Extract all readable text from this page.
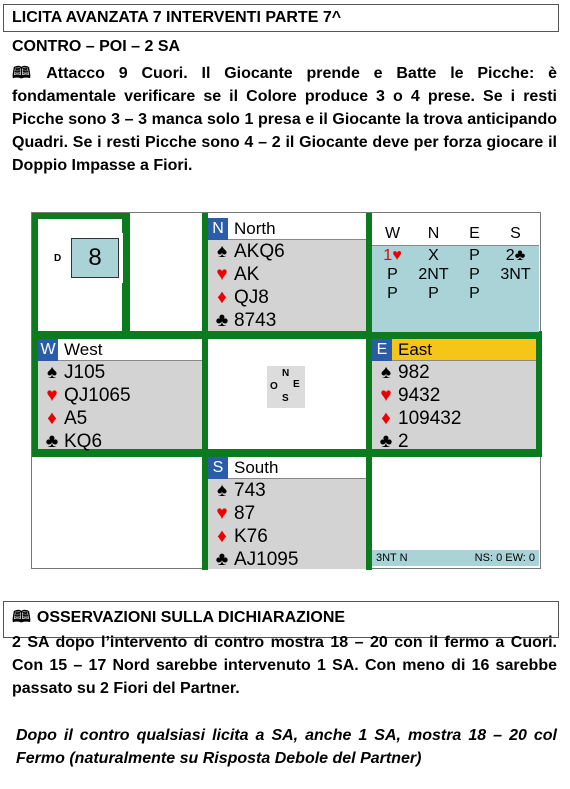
LICITA AVANZATA 7 INTERVENTI PARTE 7^
CONTRO – POI – 2 SA
🕮 Attacco 9 Cuori. Il Giocante prende e Batte le Picche: è fondamentale verificare se il Colore produce 3 o 4 prese. Se i resti Picche sono 3 – 3 manca solo 1 presa e il Giocante la trova anticipando Quadri. Se i resti Picche sono 4 – 2 il Giocante deve per forza giocare il Doppio Impasse a Fiori.
D	8
N North
♠ AKQ6
♥ AK
♦ QJ8
♣ 8743
W West
♠ J105
♥ QJ1065
♦ A5
♣ KQ6
E East
♠ 982
♥ 9432
♦ 109432
♣ 2
S South
♠ 743
♥ 87
♦ K76
♣ AJ1095
W	N	E	S
1♥	X	P	2♣
P	2NT	P	3NT
P	P	P
N
O E
S
3NT N	NS: 0 EW: 0
🕮 OSSERVAZIONI SULLA DICHIARAZIONE
2 SA dopo l’intervento di contro mostra 18 – 20 con il fermo a Cuori. Con 15 – 17 Nord sarebbe intervenuto 1 SA. Con meno di 16 sarebbe passato su 2 Fiori del Partner.
Dopo il contro qualsiasi licita a SA, anche 1 SA, mostra 18 – 20 col Fermo (naturalmente su Risposta Debole del Partner)
